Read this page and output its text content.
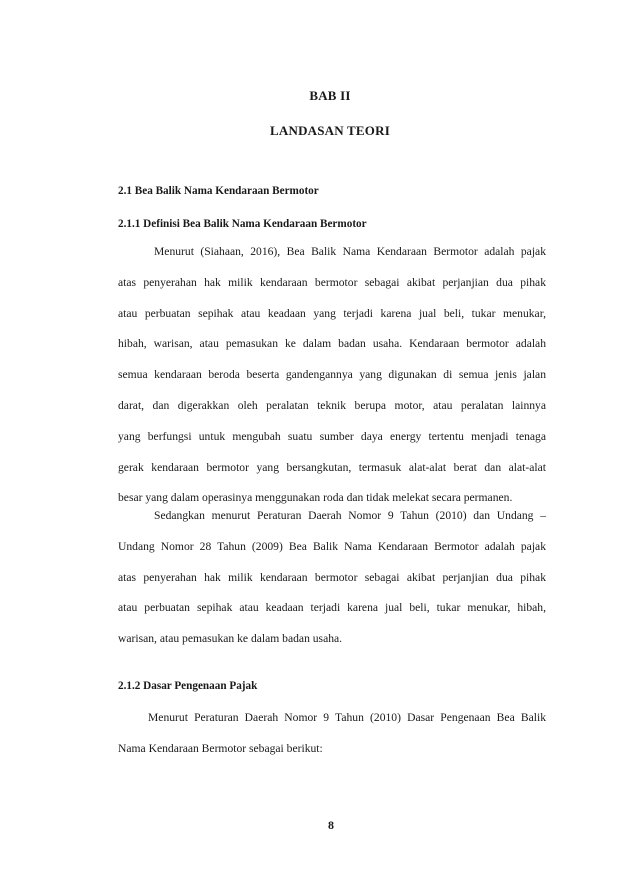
BAB II
LANDASAN TEORI
2.1 Bea Balik Nama Kendaraan Bermotor
2.1.1 Definisi Bea Balik Nama Kendaraan Bermotor
Menurut (Siahaan, 2016), Bea Balik Nama Kendaraan Bermotor adalah pajak
atas penyerahan hak milik kendaraan bermotor sebagai akibat perjanjian dua pihak
atau perbuatan sepihak atau keadaan yang terjadi karena jual beli, tukar menukar,
hibah, warisan, atau pemasukan ke dalam badan usaha. Kendaraan bermotor adalah
semua kendaraan beroda beserta gandengannya yang digunakan di semua jenis jalan
darat, dan digerakkan oleh peralatan teknik berupa motor, atau peralatan lainnya
yang berfungsi untuk mengubah suatu sumber daya energy tertentu menjadi tenaga
gerak kendaraan bermotor yang bersangkutan, termasuk alat-alat berat dan alat-alat
besar yang dalam operasinya menggunakan roda dan tidak melekat secara permanen.
Sedangkan menurut Peraturan Daerah Nomor 9 Tahun (2010) dan Undang –
Undang Nomor 28 Tahun (2009) Bea Balik Nama Kendaraan Bermotor adalah pajak
atas penyerahan hak milik kendaraan bermotor sebagai akibat perjanjian dua pihak
atau perbuatan sepihak atau keadaan terjadi karena jual beli, tukar menukar, hibah,
warisan, atau pemasukan ke dalam badan usaha.
2.1.2 Dasar Pengenaan Pajak
Menurut Peraturan Daerah Nomor 9 Tahun (2010) Dasar Pengenaan Bea Balik
Nama Kendaraan Bermotor sebagai berikut:
8
